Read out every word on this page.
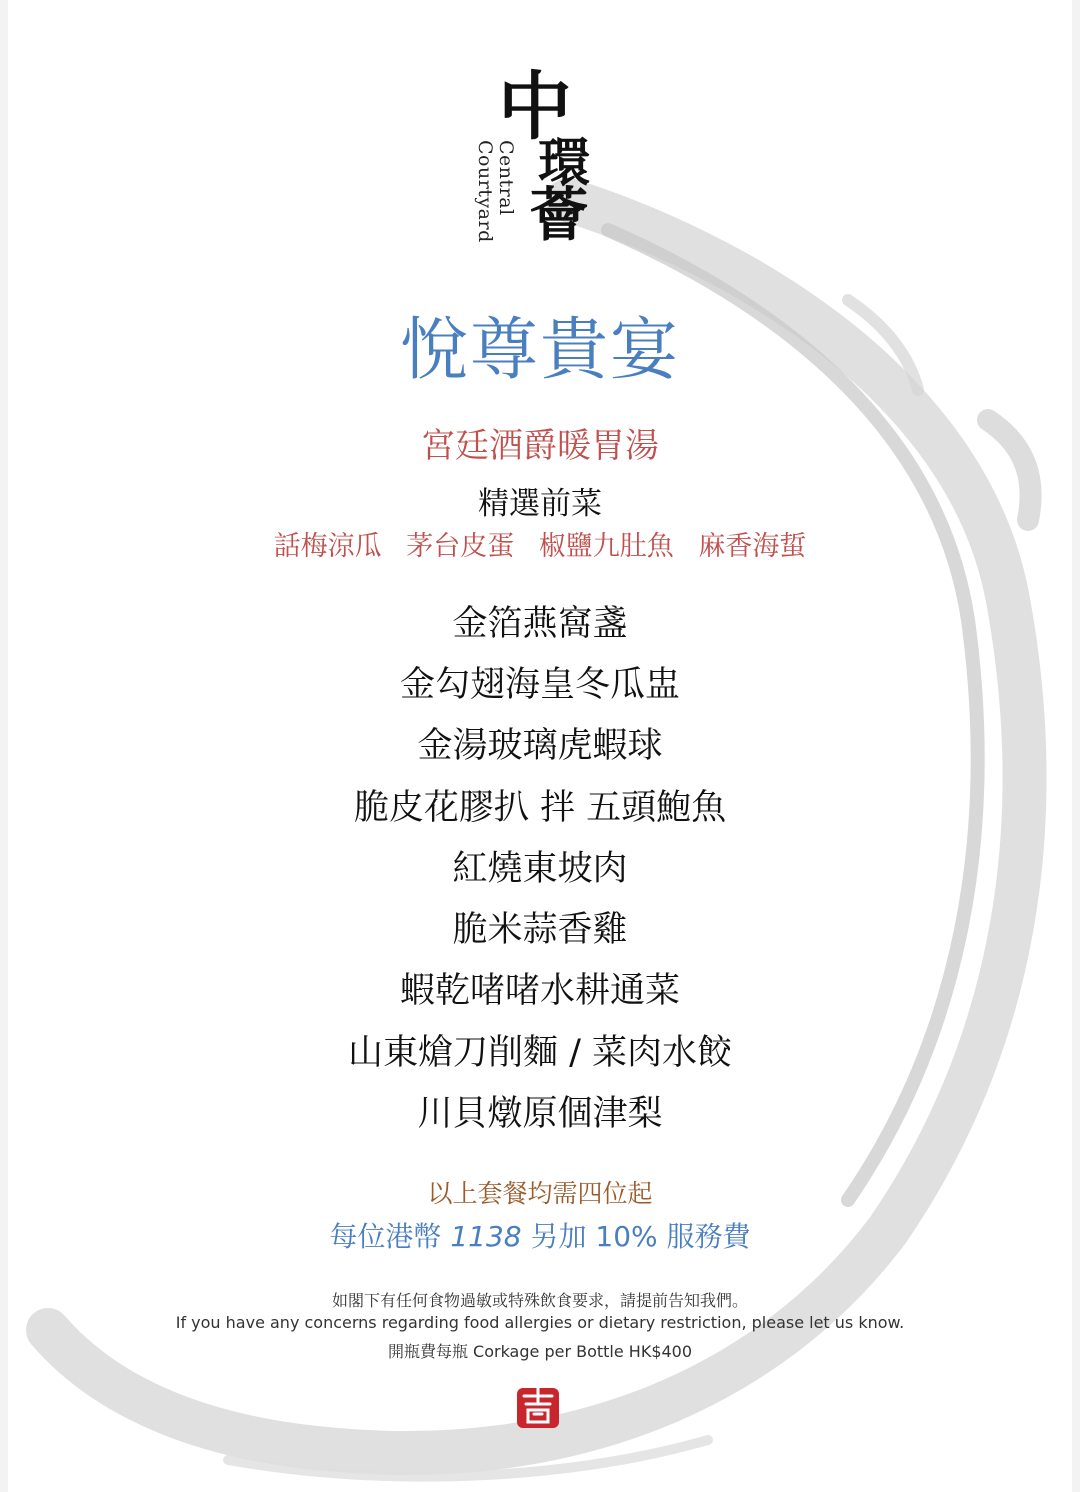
中
環
薈
Central
Courtyard
悅尊貴宴
宮廷酒爵暖胃湯
精選前菜
話梅涼瓜 茅台皮蛋 椒鹽九肚魚 麻香海蜇
金箔燕窩盞
金勾翅海皇冬瓜盅
金湯玻璃虎蝦球
脆皮花膠扒 拌 五頭鮑魚
紅燒東坡肉
脆米蒜香雞
蝦乾啫啫水耕通菜
山東熗刀削麵 / 菜肉水餃
川貝燉原個津梨
以上套餐均需四位起
每位港幣 1138 另加 10% 服務費
如閣下有任何食物過敏或特殊飲食要求，請提前告知我們。
If you have any concerns regarding food allergies or dietary restriction, please let us know.
開瓶費每瓶 Corkage per Bottle HK$400
